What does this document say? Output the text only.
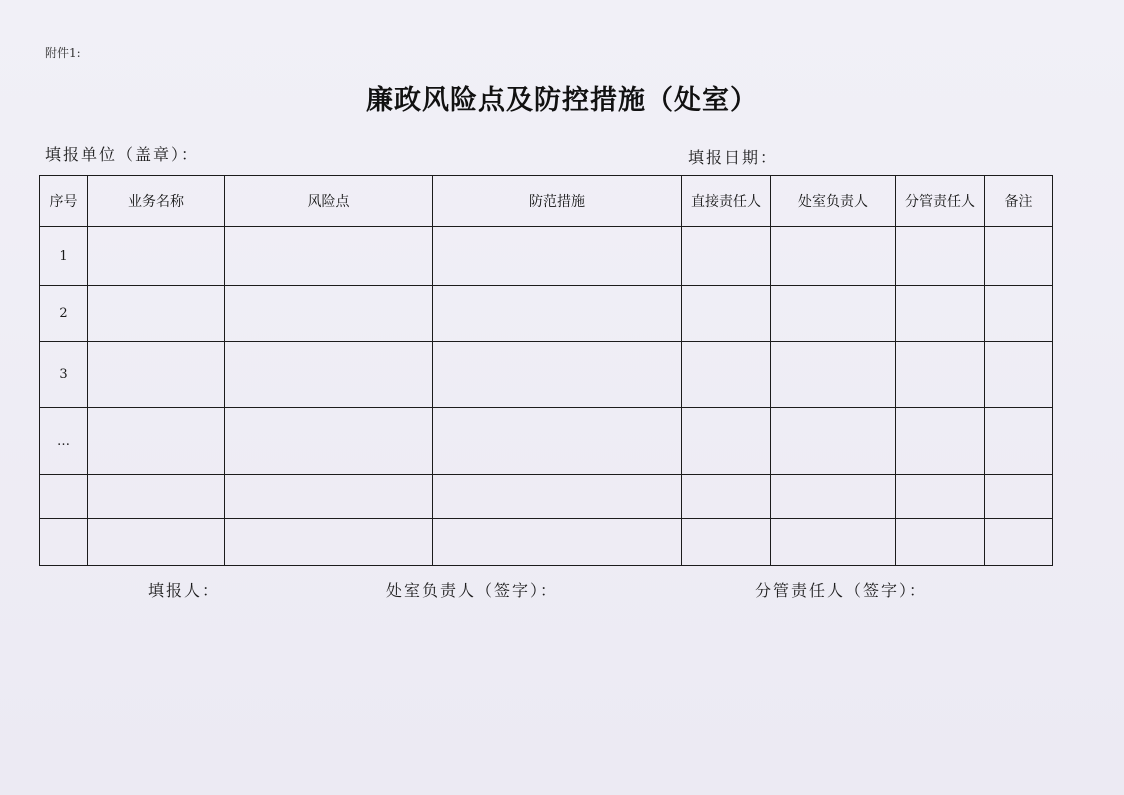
附件1:
廉政风险点及防控措施（处室）
填报单位（盖章）：	填报日期：
序号	业务名称	风险点	防范措施	直接责任人	处室负责人	分管责任人	备注
1							
2							
3							
…							

填报人：	处室负责人（签字）：	分管责任人（签字）：
